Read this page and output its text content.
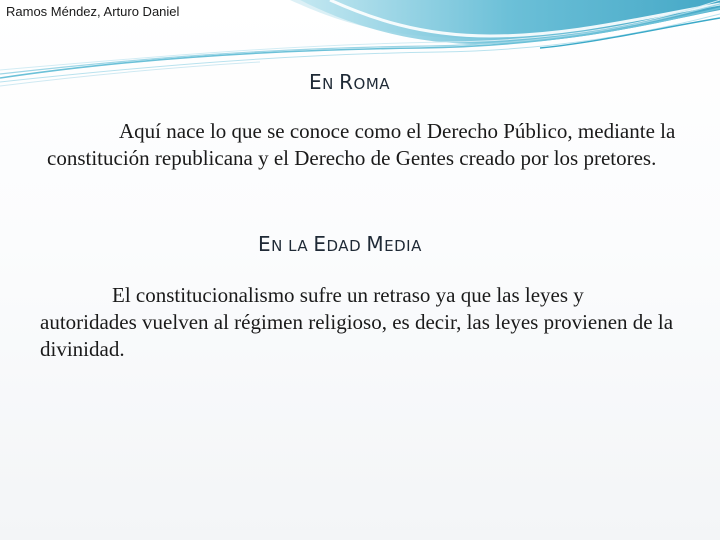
Ramos Méndez, Arturo Daniel
EN ROMA

Aquí nace lo que se conoce como el Derecho Público, mediante la constitución republicana y el Derecho de Gentes creado por los pretores.

EN LA EDAD MEDIA

El constitucionalismo sufre un retraso ya que las leyes y autoridades vuelven al régimen religioso, es decir, las leyes provienen de la divinidad.
